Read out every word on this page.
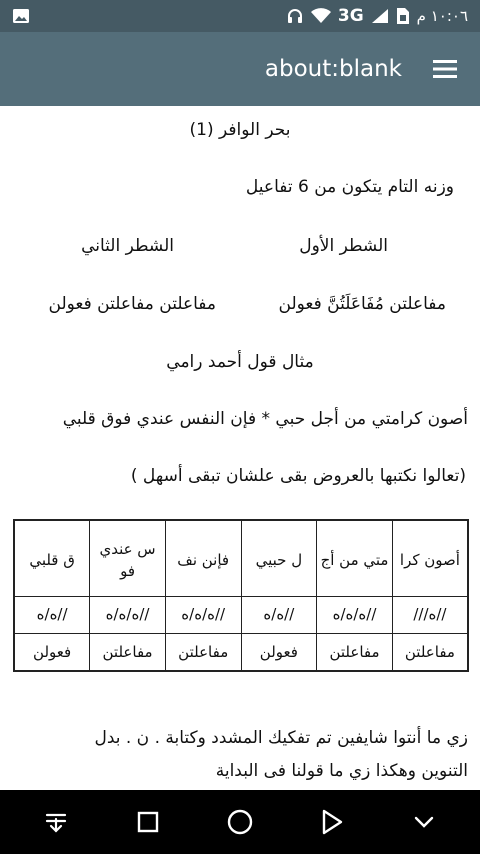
3G	١٠:٠٦ م
about:blank
بحر الوافر (1)
وزنه التام يتكون من 6 تفاعيل
الشطر الأول
الشطر الثاني
مفاعلتن مُفَاعَلَتُنَّ فعولن
مفاعلتن مفاعلتن فعولن
مثال قول أحمد رامي
أصون كرامتي من أجل حبي * فإن النفس عندي فوق قلبي
(تعالوا نكتبها بالعروض بقى علشان تبقى أسهل )
أصون كرا	متي من أج	ل حبيي	فإنن نف	س عندي فو	ق قلبي
//ه///	//ه/ه/ه	//ه/ه	//ه/ه/ه	//ه/ه/ه	//ه/ه
مفاعلتن	مفاعلتن	فعولن	مفاعلتن	مفاعلتن	فعولن
زي ما أنتوا شايفين تم تفكيك المشدد وكتابة . ن . بدل
التنوين وهكذا زي ما قولنا فى البداية
